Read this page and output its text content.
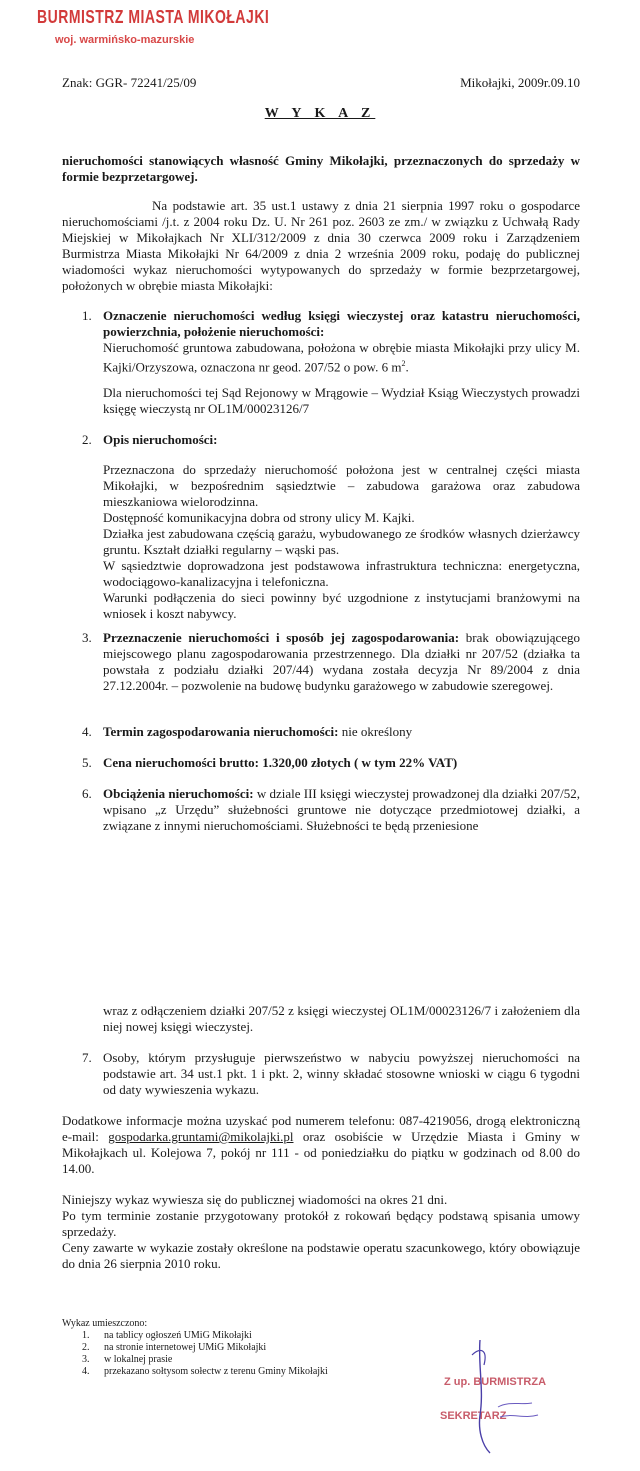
BURMISTRZ MIASTA MIKOŁAJKI
woj. warmińsko-mazurskie
Znak: GGR- 72241/25/09	Mikołajki, 2009r.09.10
W Y K A Z
nieruchomości stanowiących własność Gminy Mikołajki, przeznaczonych do sprzedaży w formie bezprzetargowej.
Na podstawie art. 35 ust.1 ustawy z dnia 21 sierpnia 1997 roku o gospodarce nieruchomościami /j.t. z 2004 roku Dz. U. Nr 261 poz. 2603 ze zm./ w związku z Uchwałą Rady Miejskiej w Mikołajkach Nr XLI/312/2009 z dnia 30 czerwca 2009 roku i Zarządzeniem Burmistrza Miasta Mikołajki Nr 64/2009 z dnia 2 września 2009 roku, podaję do publicznej wiadomości wykaz nieruchomości wytypowanych do sprzedaży w formie bezprzetargowej, położonych w obrębie miasta Mikołajki:
1. Oznaczenie nieruchomości według księgi wieczystej oraz katastru nieruchomości, powierzchnia, położenie nieruchomości:
Nieruchomość gruntowa zabudowana, położona w obrębie miasta Mikołajki przy ulicy M. Kajki/Orzyszowa, oznaczona nr geod. 207/52 o pow. 6 $m^2$.
Dla nieruchomości tej Sąd Rejonowy w Mrągowie – Wydział Ksiąg Wieczystych prowadzi księgę wieczystą nr OL1M/00023126/7
2. Opis nieruchomości:
Przeznaczona do sprzedaży nieruchomość położona jest w centralnej części miasta Mikołajki, w bezpośrednim sąsiedztwie – zabudowa garażowa oraz zabudowa mieszkaniowa wielorodzinna.
Dostępność komunikacyjna dobra od strony ulicy M. Kajki.
Działka jest zabudowana częścią garażu, wybudowanego ze środków własnych dzierżawcy gruntu. Kształt działki regularny – wąski pas.
W sąsiedztwie doprowadzona jest podstawowa infrastruktura techniczna: energetyczna, wodociągowo-kanalizacyjna i telefoniczna.
Warunki podłączenia do sieci powinny być uzgodnione z instytucjami branżowymi na wniosek i koszt nabywcy.
3. Przeznaczenie nieruchomości i sposób jej zagospodarowania: brak obowiązującego miejscowego planu zagospodarowania przestrzennego. Dla działki nr 207/52 (działka ta powstała z podziału działki 207/44) wydana została decyzja Nr 89/2004 z dnia 27.12.2004r. – pozwolenie na budowę budynku garażowego w zabudowie szeregowej.
4. Termin zagospodarowania nieruchomości: nie określony
5. Cena nieruchomości brutto: 1.320,00 złotych ( w tym 22% VAT)
6. Obciążenia nieruchomości: w dziale III księgi wieczystej prowadzonej dla działki 207/52, wpisano „z Urzędu” służebności gruntowe nie dotyczące przedmiotowej działki, a związane z innymi nieruchomościami. Służebności te będą przeniesione
wraz z odłączeniem działki 207/52 z księgi wieczystej OL1M/00023126/7 i założeniem dla niej nowej księgi wieczystej.
7. Osoby, którym przysługuje pierwszeństwo w nabyciu powyższej nieruchomości na podstawie art. 34 ust.1 pkt. 1 i pkt. 2, winny składać stosowne wnioski w ciągu 6 tygodni od daty wywieszenia wykazu.
Dodatkowe informacje można uzyskać pod numerem telefonu: 087-4219056, drogą elektroniczną e-mail: gospodarka.gruntami@mikolajki.pl oraz osobiście w Urzędzie Miasta i Gminy w Mikołajkach ul. Kolejowa 7, pokój nr 111 - od poniedziałku do piątku w godzinach od 8.00 do 14.00.
Niniejszy wykaz wywiesza się do publicznej wiadomości na okres 21 dni.
Po tym terminie zostanie przygotowany protokół z rokowań będący podstawą spisania umowy sprzedaży.
Ceny zawarte w wykazie zostały określone na podstawie operatu szacunkowego, który obowiązuje do dnia 26 sierpnia 2010 roku.
Wykaz umieszczono:
1. na tablicy ogłoszeń UMiG Mikołajki
2. na stronie internetowej UMiG Mikołajki
3. w lokalnej prasie
4. przekazano sołtysom sołectw z terenu Gminy Mikołajki
Z up. BURMISTRZA
SEKRETARZ
